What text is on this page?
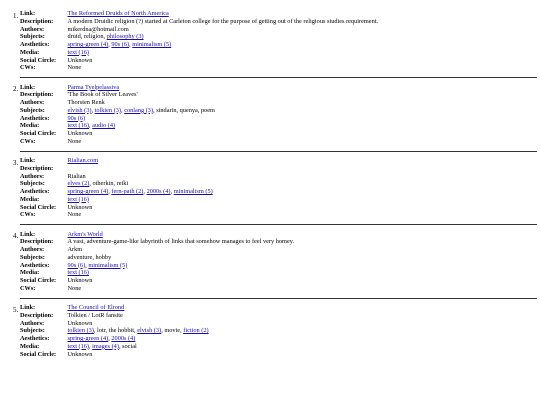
1. Link:	The Reformed Druids of North America
Description:	A modern Druidic religion (?) started at Carleton college for the purpose of getting out of the religious studies requirement.
Authors:	mikerdna@hotmail.com
Subjects:	druid, religion, philosophy (3)
Aesthetics:	spring-green (4), 90s (6), minimalism (5)
Media:	text (16)
Social Circle:	Unknown
CWs:	None
2. Link:	Parma Tyelpelassiva
Description:	'The Book of Silver Leaves'
Authors:	Thorsten Renk
Subjects:	elvish (3), tolkien (3), conlang (3), sindarin, quenya, poem
Aesthetics:	90s (6)
Media:	text (16), audio (4)
Social Circle:	Unknown
CWs:	None
3. Link:	Rialian.com
Description:	
Authors:	Rialian
Subjects:	elves (2), otherkin, reiki
Aesthetics:	spring-green (4), fern-path (2), 2000s (4), minimalism (5)
Media:	text (16)
Social Circle:	Unknown
CWs:	None
4. Link:	Arkm's World
Description:	A vast, adventure-game-like labyrinth of links that somehow manages to feel very homey.
Authors:	Arkm
Subjects:	adventure, hobby
Aesthetics:	90s (6), minimalism (5)
Media:	text (16)
Social Circle:	Unknown
CWs:	None
5. Link:	The Council of Elrond
Description:	Tolkien / LotR fansite
Authors:	Unknown
Subjects:	tolkien (3), lotr, the hobbit, elvish (3), movie, fiction (2)
Aesthetics:	spring-green (4), 2000s (4)
Media:	text (16), images (4), social
Social Circle:	Unknown
